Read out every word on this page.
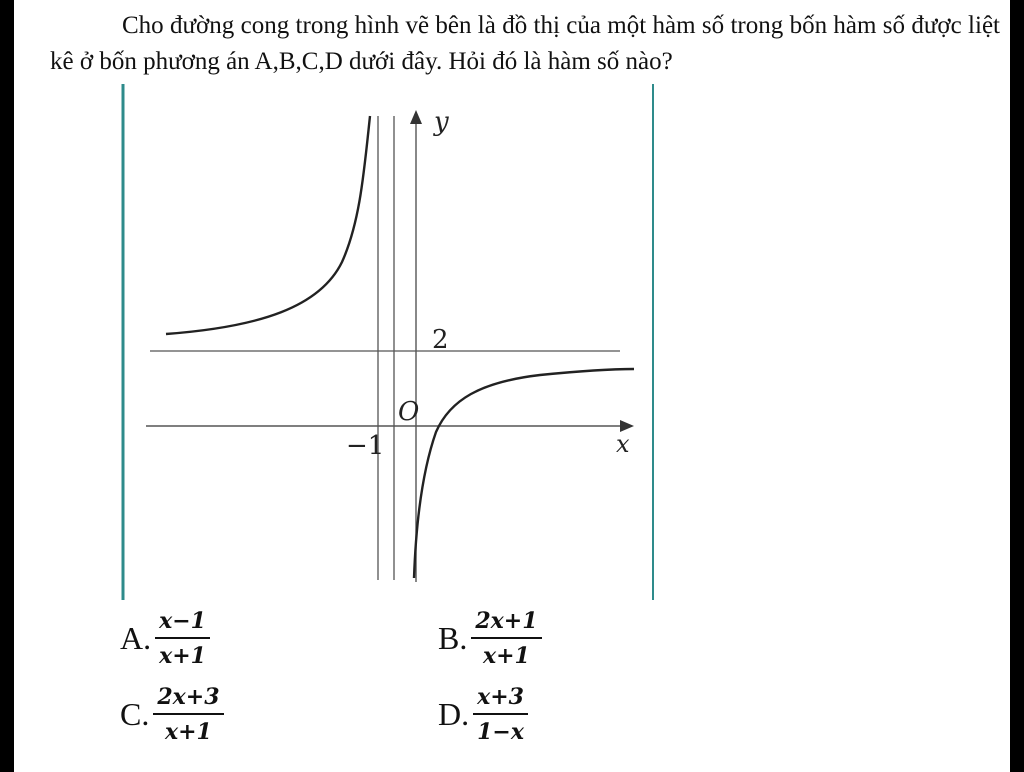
Cho đường cong trong hình vẽ bên là đồ thị của một hàm số trong bốn hàm số được liệt kê ở bốn phương án A,B,C,D dưới đây. Hỏi đó là hàm số nào?

y
x
O
2
−1
A. $\frac{x-1}{x+1}$	B. $\frac{2x+1}{x+1}$
C. $\frac{2x+3}{x+1}$	D. $\frac{x+3}{1-x}$
